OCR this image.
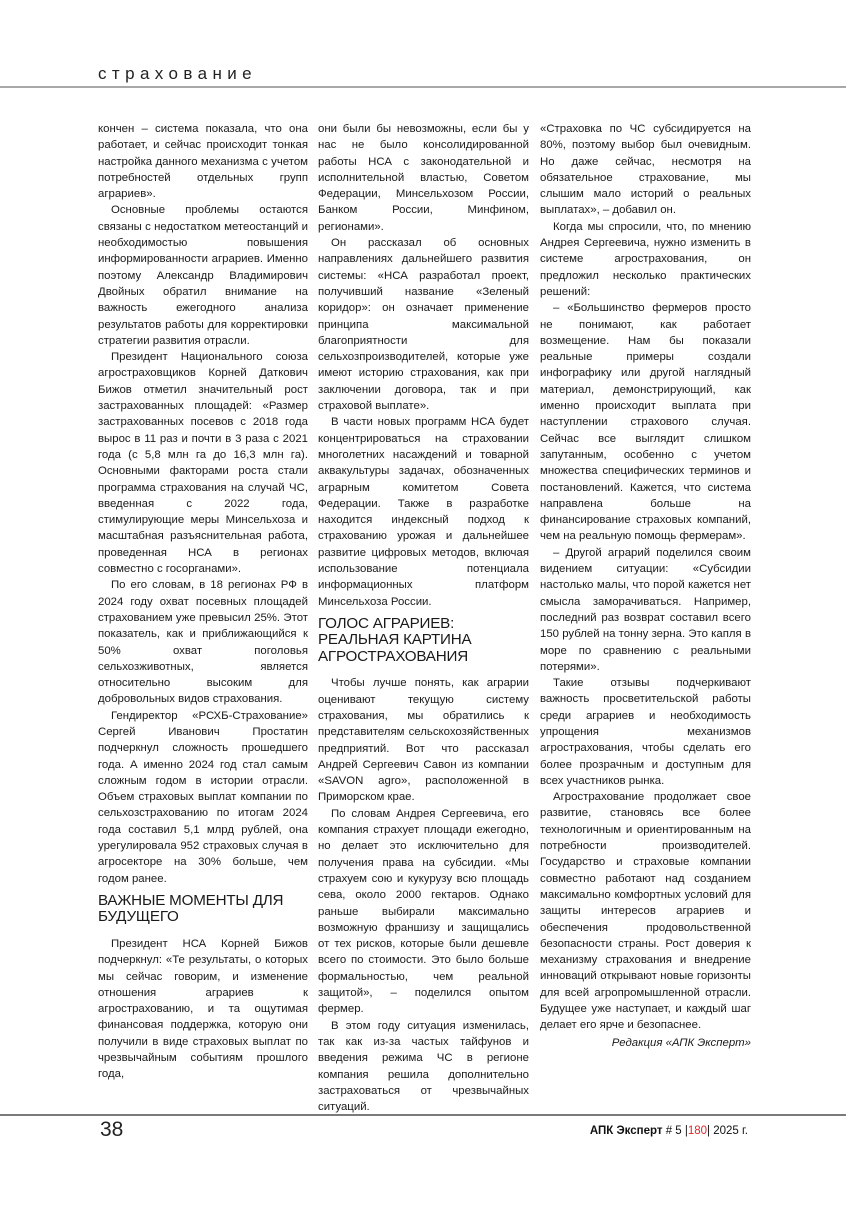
страхование

кончен – система показала, что она работает, и сейчас происходит тонкая настройка данного механизма с учетом потребностей отдельных групп аграриев».

Основные проблемы остаются связаны с недостатком метеостанций и необходимостью повышения информированности аграриев. Именно поэтому Александр Владимирович Двойных обратил внимание на важность ежегодного анализа результатов работы для корректировки стратегии развития отрасли.

Президент Национального союза агростраховщиков Корней Даткович Бижов отметил значительный рост застрахованных площадей: «Размер застрахованных посевов с 2018 года вырос в 11 раз и почти в 3 раза с 2021 года (с 5,8 млн га до 16,3 млн га). Основными факторами роста стали программа страхования на случай ЧС, введенная с 2022 года, стимулирующие меры Минсельхоза и масштабная разъяснительная работа, проведенная НСА в регионах совместно с госорганами».

По его словам, в 18 регионах РФ в 2024 году охват посевных площадей страхованием уже превысил 25%. Этот показатель, как и приближающийся к 50% охват поголовья сельхозживотных, является относительно высоким для добровольных видов страхования.

Гендиректор «РСХБ-Страхование» Сергей Иванович Простатин подчеркнул сложность прошедшего года. А именно 2024 год стал самым сложным годом в истории отрасли. Объем страховых выплат компании по сельхозстрахованию по итогам 2024 года составил 5,1 млрд рублей, она урегулировала 952 страховых случая в агросекторе на 30% больше, чем годом ранее.

ВАЖНЫЕ МОМЕНТЫ ДЛЯ БУДУЩЕГО

Президент НСА Корней Бижов подчеркнул: «Те результаты, о которых мы сейчас говорим, и изменение отношения аграриев к агрострахованию, и та ощутимая финансовая поддержка, которую они получили в виде страховых выплат по чрезвычайным событиям прошлого года,

они были бы невозможны, если бы у нас не было консолидированной работы НСА с законодательной и исполнительной властью, Советом Федерации, Минсельхозом России, Банком России, Минфином, регионами».

Он рассказал об основных направлениях дальнейшего развития системы: «НСА разработал проект, получивший название «Зеленый коридор»: он означает применение принципа максимальной благоприятности для сельхозпроизводителей, которые уже имеют историю страхования, как при заключении договора, так и при страховой выплате».

В части новых программ НСА будет концентрироваться на страховании многолетних насаждений и товарной аквакультуры задачах, обозначенных аграрным комитетом Совета Федерации. Также в разработке находится индексный подход к страхованию урожая и дальнейшее развитие цифровых методов, включая использование потенциала информационных платформ Минсельхоза России.

ГОЛОС АГРАРИЕВ: РЕАЛЬНАЯ КАРТИНА АГРОСТРАХОВАНИЯ

Чтобы лучше понять, как аграрии оценивают текущую систему страхования, мы обратились к представителям сельскохозяйственных предприятий. Вот что рассказал Андрей Сергеевич Савон из компании «SAVON agro», расположенной в Приморском крае.

По словам Андрея Сергеевича, его компания страхует площади ежегодно, но делает это исключительно для получения права на субсидии. «Мы страхуем сою и кукурузу всю площадь сева, около 2000 гектаров. Однако раньше выбирали максимально возможную франшизу и защищались от тех рисков, которые были дешевле всего по стоимости. Это было больше формальностью, чем реальной защитой», – поделился опытом фермер.

В этом году ситуация изменилась, так как из-за частых тайфунов и введения режима ЧС в регионе компания решила дополнительно застраховаться от чрезвычайных ситуаций.

«Страховка по ЧС субсидируется на 80%, поэтому выбор был очевидным. Но даже сейчас, несмотря на обязательное страхование, мы слышим мало историй о реальных выплатах», – добавил он.

Когда мы спросили, что, по мнению Андрея Сергеевича, нужно изменить в системе агрострахования, он предложил несколько практических решений:

– «Большинство фермеров просто не понимают, как работает возмещение. Нам бы показали реальные примеры создали инфографику или другой наглядный материал, демонстрирующий, как именно происходит выплата при наступлении страхового случая. Сейчас все выглядит слишком запутанным, особенно с учетом множества специфических терминов и постановлений. Кажется, что система направлена больше на финансирование страховых компаний, чем на реальную помощь фермерам».

– Другой аграрий поделился своим видением ситуации: «Субсидии настолько малы, что порой кажется нет смысла заморачиваться. Например, последний раз возврат составил всего 150 рублей на тонну зерна. Это капля в море по сравнению с реальными потерями».

Такие отзывы подчеркивают важность просветительской работы среди аграриев и необходимость упрощения механизмов агрострахования, чтобы сделать его более прозрачным и доступным для всех участников рынка.

Агрострахование продолжает свое развитие, становясь все более технологичным и ориентированным на потребности производителей. Государство и страховые компании совместно работают над созданием максимально комфортных условий для защиты интересов аграриев и обеспечения продовольственной безопасности страны. Рост доверия к механизму страхования и внедрение инноваций открывают новые горизонты для всей агропромышленной отрасли. Будущее уже наступает, и каждый шаг делает его ярче и безопаснее.

Редакция «АПК Эксперт»

38	АПК Эксперт # 5 |180| 2025 г.
